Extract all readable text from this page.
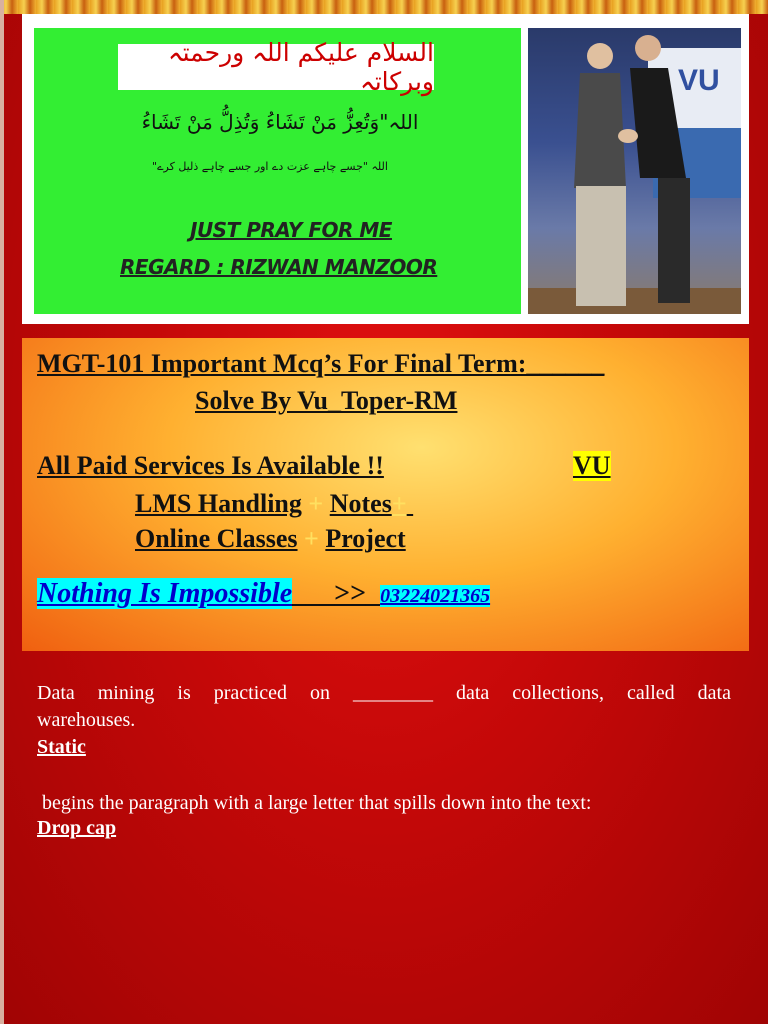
السلام علیکم اللہ ورحمتہ وبرکاتہ
اللہ"وَتُعِزُّ مَنْ تَشَاءُ وَتُذِلُّ مَنْ تَشَاءُ
اللہ "جسے چاہے عزت دے اور جسے چاہے ذلیل کرے"
JUST PRAY FOR ME
REGARD : RIZWAN MANZOOR
VU
MGT-101 Important Mcq’s For Final Term:______
Solve By Vu_Toper-RM
All Paid Services Is Available !!	VU
LMS Handling + Notes+
Online Classes + Project
Nothing Is Impossible___>>_03224021365
Data mining is practiced on ________ data collections, called data
warehouses.
Static
begins the paragraph with a large letter that spills down into the text:
Drop cap
